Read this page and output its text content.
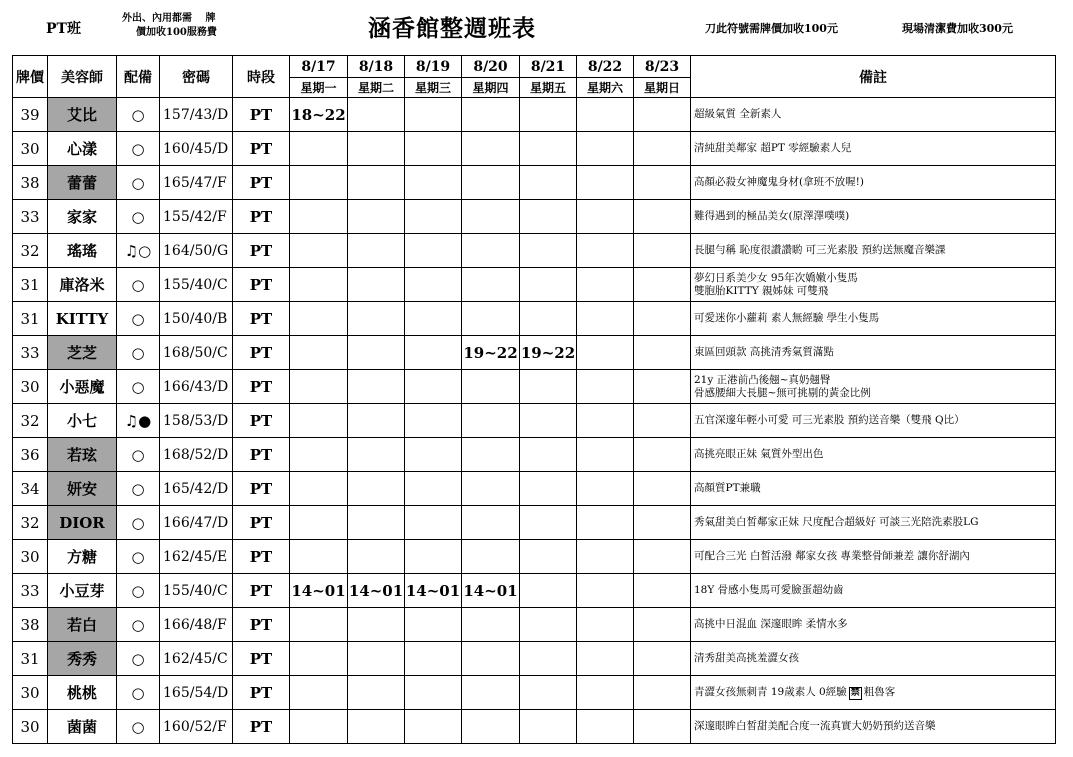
PT班
外出、內用都需　 牌
價加收100服務費	涵香館整週班表	⁠刀此符號需牌價加收100元	現場清潔費加收300元
牌價	美容師	配備	密碼	時段	8/17	8/18	8/19	8/20	8/21	8/22	8/23	備註
					星期一	星期二	星期三	星期四	星期五	星期六	星期日	
39	艾比	○	157/43/D	PT	18~22							超級氣質 全新素人

30	心漾	○	160/45/D	PT								清純甜美鄰家 超PT 零經驗素人兒

38	蕾蕾	○	165/47/F	PT								高顏必殺女神魔鬼身材(拿班不放喔!)

33	家家	○	155/42/F	PT								難得遇到的極品美女(原澤澤噗噗)

32	瑤瑤	♫○	164/50/G	PT								長腿勻稱 恥度很讚讚喲 可三光素股 預約送無魔音樂課

31	庫洛米	○	155/40/C	PT								夢幻日系美少女 95年次嬌嫩小隻馬
雙胞胎KITTY 親姊妹 可雙飛

31	KITTY	○	150/40/B	PT								可愛迷你小蘿莉 素人無經驗 學生小隻馬

33	芝芝	○	168/50/C	PT				19~22	19~22			東區回頭款 高挑清秀氣質滿點

30	小惡魔	○	166/43/D	PT								21y 正港前凸後翹~真奶翹臀
骨感腰細大長腿~無可挑剔的黃金比例

32	小七	♫●	158/53/D	PT								五官深邃年輕小可愛 可三光素股 預約送音樂（雙飛 Q比）

36	若玹	○	168/52/D	PT								高挑亮眼正妹 氣質外型出色

34	妍安	○	165/42/D	PT								高顏質PT兼職

32	DIOR	○	166/47/D	PT								秀氣甜美白皙鄰家正妹 尺度配合超級好 可談三光陪洗素股LG

30	方糖	○	162/45/E	PT								可配合三光 白皙活潑 鄰家女孩 專業整骨師兼差 讓你舒湖內

33	小豆芽	○	155/40/C	PT	14~01	14~01	14~01	14~01				18Y 骨感小隻馬可愛臉蛋超幼齒

38	若白	○	166/48/F	PT								高挑中日混血 深邃眼眸 柔情水多

31	秀秀	○	162/45/C	PT								清秀甜美高挑羞澀女孩

30	桃桃	○	165/54/D	PT								青澀女孩無刺青 19歲素人 0經驗 禁 粗魯客

30	菌菌	○	160/52/F	PT								深邃眼眸白皙甜美配合度一流真實大奶奶預約送音樂
